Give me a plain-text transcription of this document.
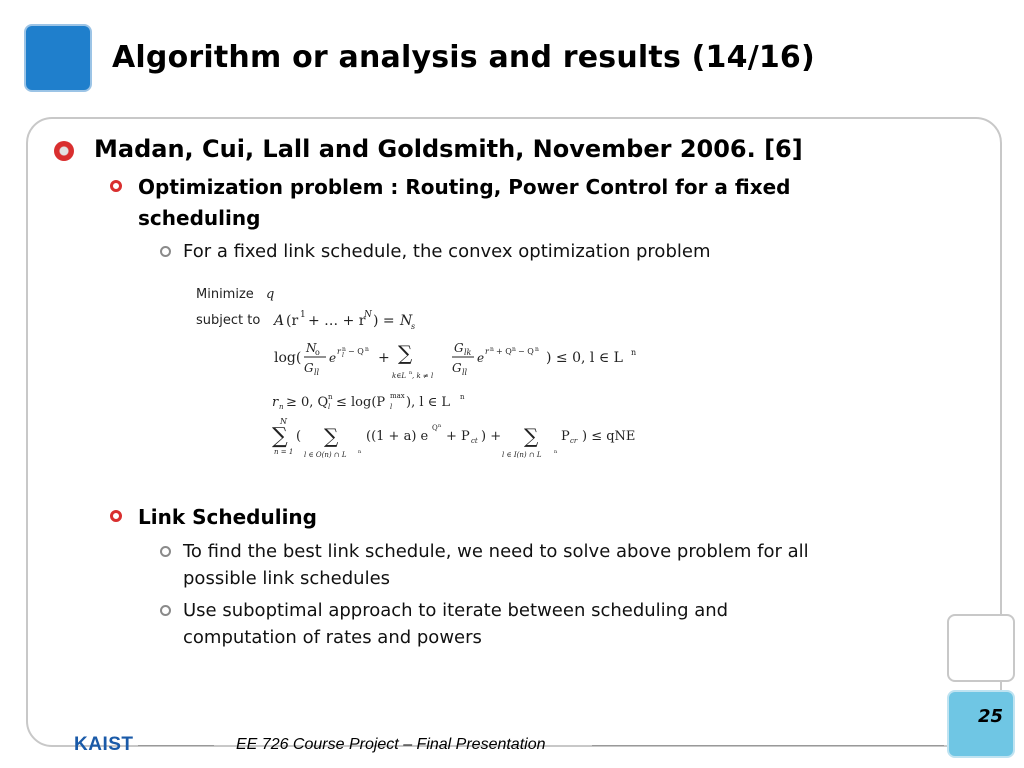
Algorithm or analysis and results (14/16)
Madan, Cui, Lall and Goldsmith, November 2006. [6]
Optimization problem : Routing, Power Control for a fixed
scheduling
For a fixed link schedule, the convex optimization problem
Minimize q
subject to A (r 1 + … + r
N ) = N
s
log(
N
o
G ll
e r n
l − Q n
+ ∑
k∈L n , k ≠ l
G lk
G ll
e r n + Q n − Q n
) ≤ 0, l ∈ L n
r n ≥ 0, Q n
l ≤ log(P max
l ), l ∈ L n
N
∑
n = 1
( ∑
l ∈ O(n) ∩ L n
((1 + a) e
Q n
+ P ct ) + ∑
l ∈ I(n) ∩ L n
P cr ) ≤ qNE
Link Scheduling
To find the best link schedule, we need to solve above problem for all
possible link schedules
Use suboptimal approach to iterate between scheduling and
computation of rates and powers
25
KAIST	EE 726 Course Project – Final Presentation
